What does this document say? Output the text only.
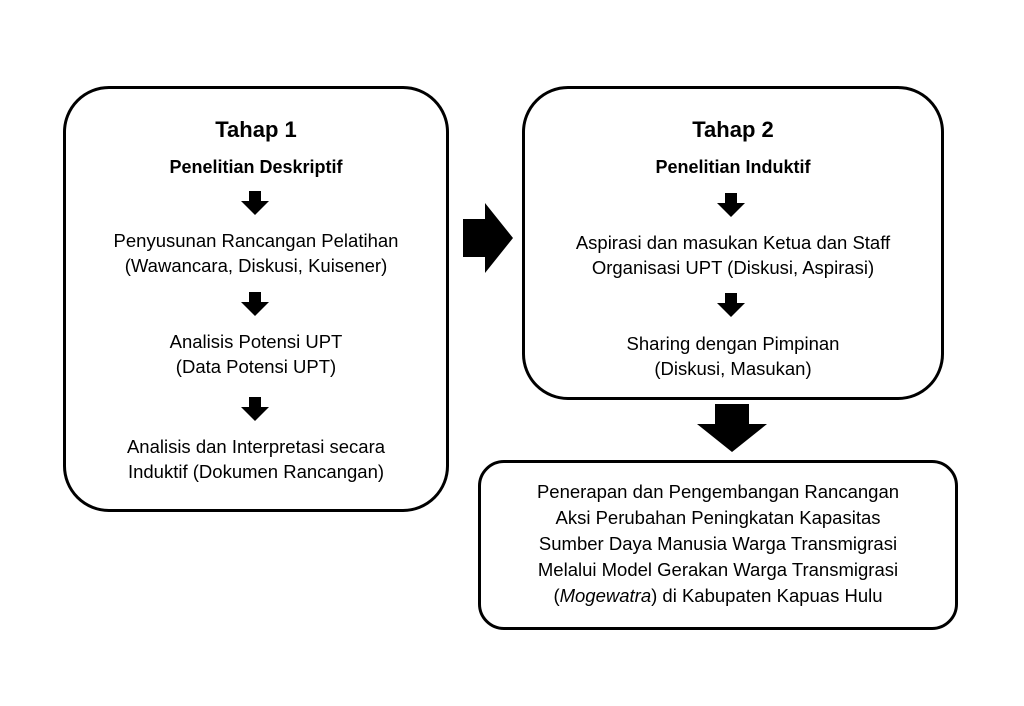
Tahap 1
Penelitian Deskriptif
Penyusunan Rancangan Pelatihan
(Wawancara, Diskusi, Kuisener)
Analisis Potensi UPT
(Data Potensi UPT)
Analisis dan Interpretasi secara
Induktif (Dokumen Rancangan)
Tahap 2
Penelitian Induktif
Aspirasi dan masukan Ketua dan Staff
Organisasi UPT (Diskusi, Aspirasi)
Sharing dengan Pimpinan
(Diskusi, Masukan)
Penerapan dan Pengembangan Rancangan
Aksi Perubahan Peningkatan Kapasitas
Sumber Daya Manusia Warga Transmigrasi
Melalui Model Gerakan Warga Transmigrasi
(Mogewatra) di Kabupaten Kapuas Hulu
